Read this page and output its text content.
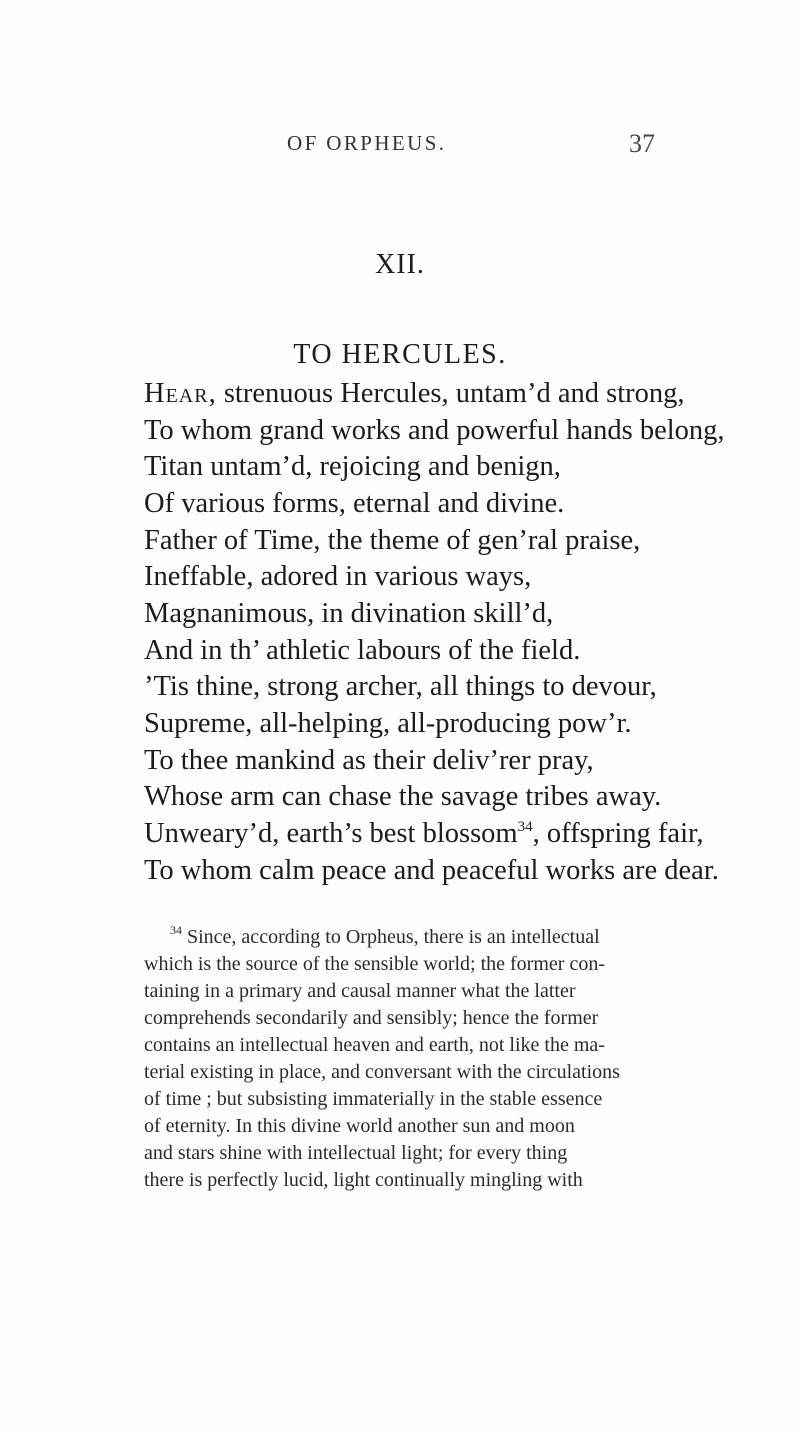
OF ORPHEUS.	37
XII.
TO HERCULES.
Hear, strenuous Hercules, untam’d and strong,
To whom grand works and powerful hands belong,
Titan untam’d, rejoicing and benign,
Of various forms, eternal and divine.
Father of Time, the theme of gen’ral praise,
Ineffable, adored in various ways,
Magnanimous, in divination skill’d,
And in th’ athletic labours of the field.
’Tis thine, strong archer, all things to devour,
Supreme, all-helping, all-producing pow’r.
To thee mankind as their deliv’rer pray,
Whose arm can chase the savage tribes away.
Unweary’d, earth’s best blossom$^{34}$, offspring fair,
To whom calm peace and peaceful works are dear.
$^{34}$ Since, according to Orpheus, there is an intellectual
which is the source of the sensible world; the former con-
taining in a primary and causal manner what the latter
comprehends secondarily and sensibly; hence the former
contains an intellectual heaven and earth, not like the ma-
terial existing in place, and conversant with the circulations
of time ; but subsisting immaterially in the stable essence
of eternity. In this divine world another sun and moon
and stars shine with intellectual light; for every thing
there is perfectly lucid, light continually mingling with
